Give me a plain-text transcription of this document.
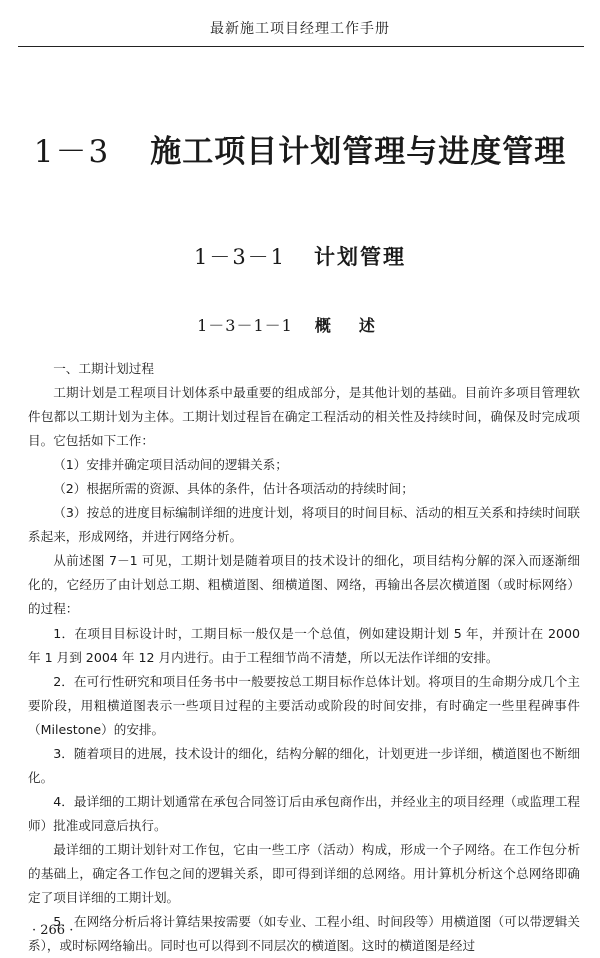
最新施工项目经理工作手册
1－3 施工项目计划管理与进度管理
1－3－1 计划管理
1－3－1－1 概述

一、工期计划过程

工期计划是工程项目计划体系中最重要的组成部分，是其他计划的基础。目前许多项目管理软件包都以工期计划为主体。工期计划过程旨在确定工程活动的相关性及持续时间，确保及时完成项目。它包括如下工作：

（1）安排并确定项目活动间的逻辑关系；

（2）根据所需的资源、具体的条件，估计各项活动的持续时间；

（3）按总的进度目标编制详细的进度计划，将项目的时间目标、活动的相互关系和持续时间联系起来，形成网络，并进行网络分析。

从前述图 7－1 可见，工期计划是随着项目的技术设计的细化，项目结构分解的深入而逐渐细化的，它经历了由计划总工期、粗横道图、细横道图、网络，再输出各层次横道图（或时标网络）的过程：

1．在项目目标设计时，工期目标一般仅是一个总值，例如建设期计划 5 年，并预计在 2000 年 1 月到 2004 年 12 月内进行。由于工程细节尚不清楚，所以无法作详细的安排。

2．在可行性研究和项目任务书中一般要按总工期目标作总体计划。将项目的生命期分成几个主要阶段，用粗横道图表示一些项目过程的主要活动或阶段的时间安排，有时确定一些里程碑事件（Milestone）的安排。

3．随着项目的进展，技术设计的细化，结构分解的细化，计划更进一步详细，横道图也不断细化。

4．最详细的工期计划通常在承包合同签订后由承包商作出，并经业主的项目经理（或监理工程师）批准或同意后执行。

最详细的工期计划针对工作包，它由一些工序（活动）构成，形成一个子网络。在工作包分析的基础上，确定各工作包之间的逻辑关系，即可得到详细的总网络。用计算机分析这个总网络即确定了项目详细的工期计划。

5．在网络分析后将计算结果按需要（如专业、工程小组、时间段等）用横道图（可以带逻辑关系），或时标网络输出。同时也可以得到不同层次的横道图。这时的横道图是经过

· 266 ·
